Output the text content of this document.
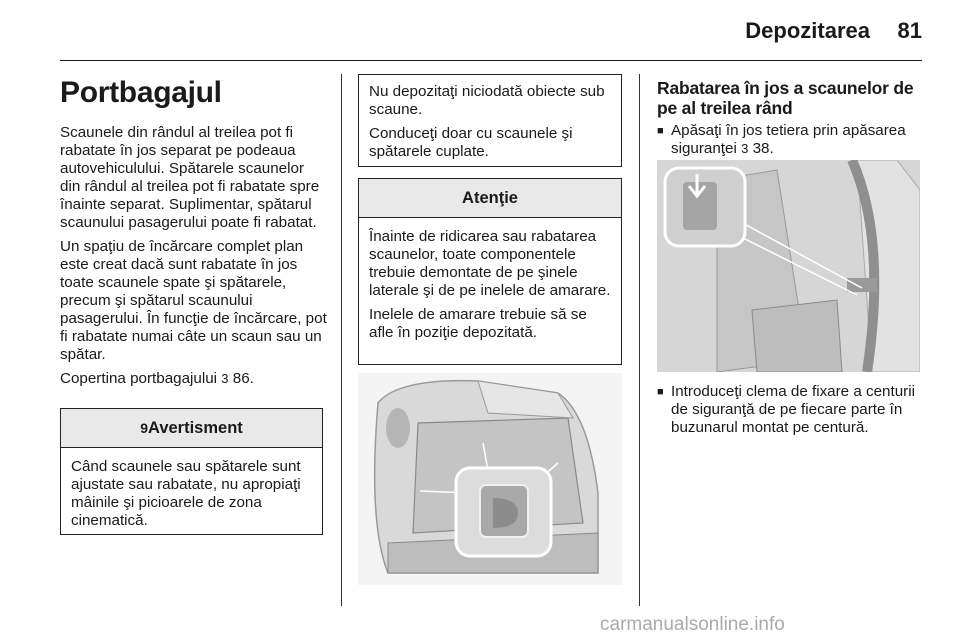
Depozitarea	81
Portbagajul

Scaunele din rândul al treilea pot fi rabatate în jos separat pe podeaua autovehiculului. Spătarele scaunelor din rândul al treilea pot fi rabatate spre înainte separat. Suplimentar, spătarul scaunului pasagerului poate fi rabatat.

Un spaţiu de încărcare complet plan este creat dacă sunt rabatate în jos toate scaunele spate şi spătarele, precum şi spătarul scaunului pasagerului. În funcţie de încărcare, pot fi rabatate numai câte un scaun sau un spătar.

Copertina portbagajului 3 86.

9Avertisment

Când scaunele sau spătarele sunt ajustate sau rabatate, nu apropiaţi mâinile şi picioarele de zona cinematică.

Nu depozitaţi niciodată obiecte sub scaune.

Conduceţi doar cu scaunele şi spătarele cuplate.

Atenţie

Înainte de ridicarea sau rabatarea scaunelor, toate componentele trebuie demontate de pe şinele laterale şi de pe inelele de amarare.

Inelele de amarare trebuie să se afle în poziţie depozitată.

Rabatarea în jos a scaunelor de pe al treilea rând
■ Apăsaţi în jos tetiera prin apăsarea siguranţei 3 38.
■ Introduceţi clema de fixare a centurii de siguranţă de pe fiecare parte în buzunarul montat pe centură.
carmanualsonline.info
